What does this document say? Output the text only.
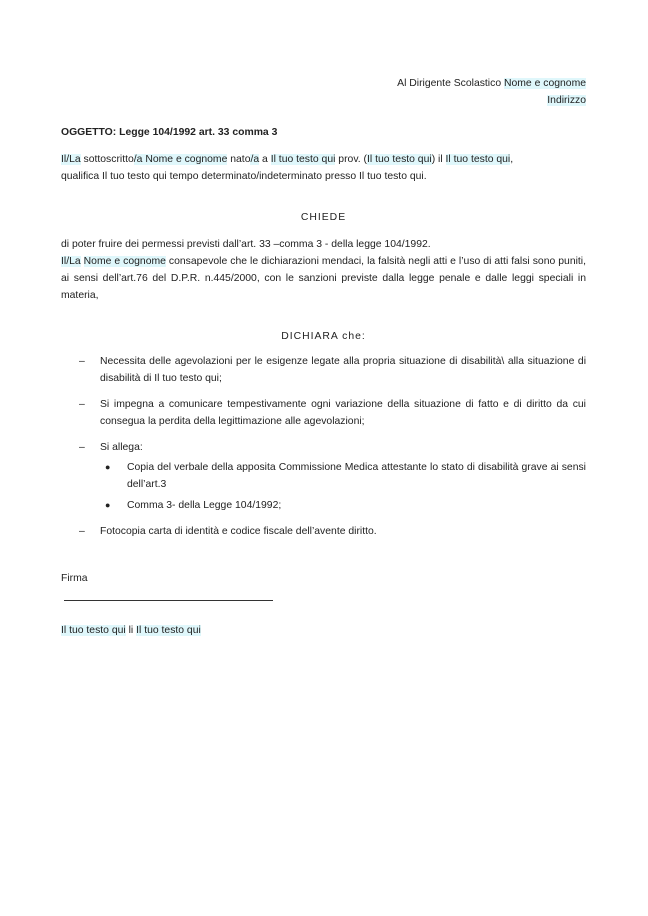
Al Dirigente Scolastico Nome e cognome
Indirizzo
OGGETTO: Legge 104/1992 art. 33 comma 3
Il/La sottoscritto/a Nome e cognome nato/a a Il tuo testo qui prov. (Il tuo testo qui) il Il tuo testo qui,
qualifica Il tuo testo qui tempo determinato/indeterminato presso Il tuo testo qui.
CHIEDE
di poter fruire dei permessi previsti dall’art. 33 –comma 3 - della legge 104/1992.
Il/La Nome e cognome consapevole che le dichiarazioni mendaci, la falsità negli atti e l’uso di atti falsi sono puniti, ai sensi dell’art.76 del D.P.R. n.445/2000, con le sanzioni previste dalla legge penale e dalle leggi speciali in materia,
DICHIARA che:
– Necessita delle agevolazioni per le esigenze legate alla propria situazione di disabilità\ alla situazione di disabilità di Il tuo testo qui;
– Si impegna a comunicare tempestivamente ogni variazione della situazione di fatto e di diritto da cui consegua la perdita della legittimazione alle agevolazioni;
– Si allega:
● Copia del verbale della apposita Commissione Medica attestante lo stato di disabilità grave ai sensi dell’art.3
● Comma 3- della Legge 104/1992;
– Fotocopia carta di identità e codice fiscale dell’avente diritto.
Firma
Il tuo testo qui li Il tuo testo qui
